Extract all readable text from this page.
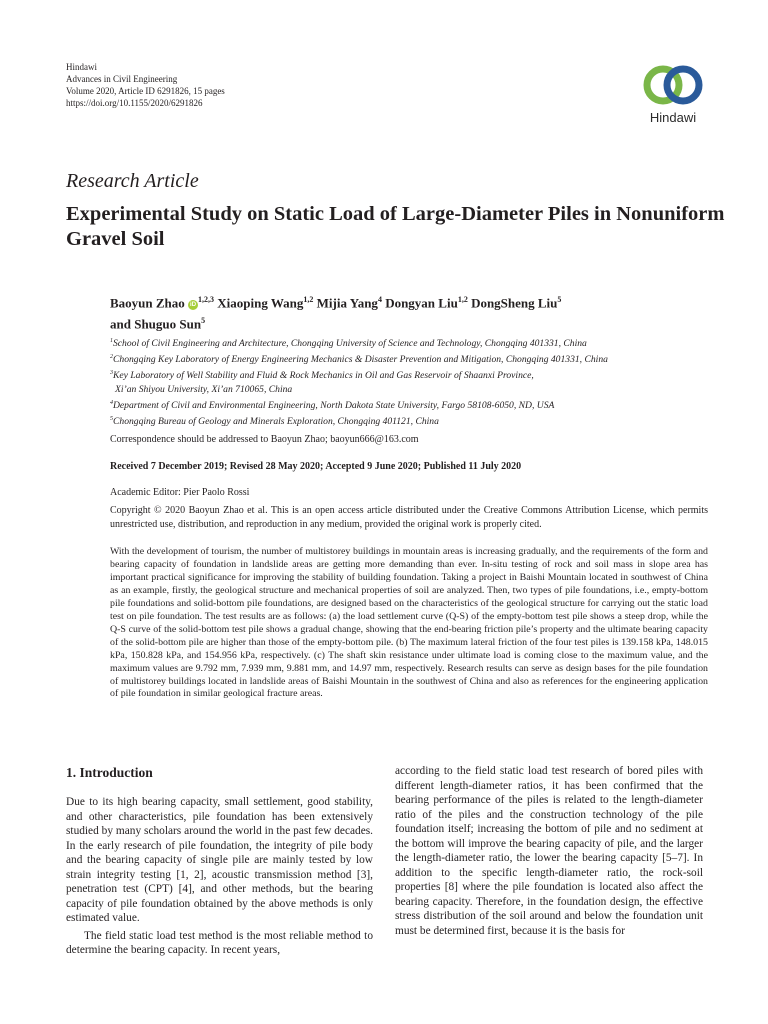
Hindawi
Advances in Civil Engineering
Volume 2020, Article ID 6291826, 15 pages
https://doi.org/10.1155/2020/6291826
Hindawi
Research Article
Experimental Study on Static Load of Large-Diameter Piles in Nonuniform Gravel Soil
Baoyun Zhao iD$^{1,2,3}$ Xiaoping Wang$^{1,2}$ Mijia Yang$^4$ Dongyan Liu$^{1,2}$ DongSheng Liu$^5$
and Shuguo Sun$^5$
$^1$School of Civil Engineering and Architecture, Chongqing University of Science and Technology, Chongqing 401331, China
$^2$Chongqing Key Laboratory of Energy Engineering Mechanics & Disaster Prevention and Mitigation, Chongqing 401331, China
$^3$Key Laboratory of Well Stability and Fluid & Rock Mechanics in Oil and Gas Reservoir of Shaanxi Province,
Xi’an Shiyou University, Xi’an 710065, China
$^4$Department of Civil and Environmental Engineering, North Dakota State University, Fargo 58108-6050, ND, USA
$^5$Chongqing Bureau of Geology and Minerals Exploration, Chongqing 401121, China
Correspondence should be addressed to Baoyun Zhao; baoyun666@163.com
Received 7 December 2019; Revised 28 May 2020; Accepted 9 June 2020; Published 11 July 2020
Academic Editor: Pier Paolo Rossi
Copyright © 2020 Baoyun Zhao et al. This is an open access article distributed under the Creative Commons Attribution License, which permits unrestricted use, distribution, and reproduction in any medium, provided the original work is properly cited.
With the development of tourism, the number of multistorey buildings in mountain areas is increasing gradually, and the requirements of the form and bearing capacity of foundation in landslide areas are getting more demanding than ever. In-situ testing of rock and soil mass in slope area has important practical significance for improving the stability of building foundation. Taking a project in Baishi Mountain located in southwest of China as an example, firstly, the geological structure and mechanical properties of soil are analyzed. Then, two types of pile foundations, i.e., empty-bottom pile foundations and solid-bottom pile foundations, are designed based on the characteristics of the geological structure for carrying out the static load test on pile foundation. The test results are as follows: (a) the load settlement curve (Q-S) of the empty-bottom test pile shows a steep drop, while the Q-S curve of the solid-bottom test pile shows a gradual change, showing that the end-bearing friction pile’s property and the ultimate bearing capacity of the solid-bottom pile are higher than those of the empty-bottom pile. (b) The maximum lateral friction of the four test piles is 139.158 kPa, 148.015 kPa, 150.828 kPa, and 154.956 kPa, respectively. (c) The shaft skin resistance under ultimate load is coming close to the maximum value, and the maximum values are 9.792 mm, 7.939 mm, 9.881 mm, and 14.97 mm, respectively. Research results can serve as design bases for the pile foundation of multistorey buildings located in landslide areas of Baishi Mountain in the southwest of China and also as references for the engineering application of pile foundation in similar geological fracture areas.
1. Introduction

Due to its high bearing capacity, small settlement, good stability, and other characteristics, pile foundation has been extensively studied by many scholars around the world in the past few decades. In the early research of pile foundation, the integrity of pile body and the bearing capacity of single pile are mainly tested by low strain integrity testing [1, 2], acoustic transmission method [3], penetration test (CPT) [4], and other methods, but the bearing capacity of pile foundation obtained by the above methods is only estimated value.

The field static load test method is the most reliable method to determine the bearing capacity. In recent years,

according to the field static load test research of bored piles with different length-diameter ratios, it has been confirmed that the bearing performance of the piles is related to the length-diameter ratio of the piles and the construction technology of the pile foundation itself; increasing the bottom of pile and no sediment at the bottom will improve the bearing capacity of pile, and the larger the length-diameter ratio, the lower the bearing capacity [5–7]. In addition to the specific length-diameter ratio, the rock-soil properties [8] where the pile foundation is located also affect the bearing capacity. Therefore, in the foundation design, the effective stress distribution of the soil around and below the foundation unit must be determined first, because it is the basis for
